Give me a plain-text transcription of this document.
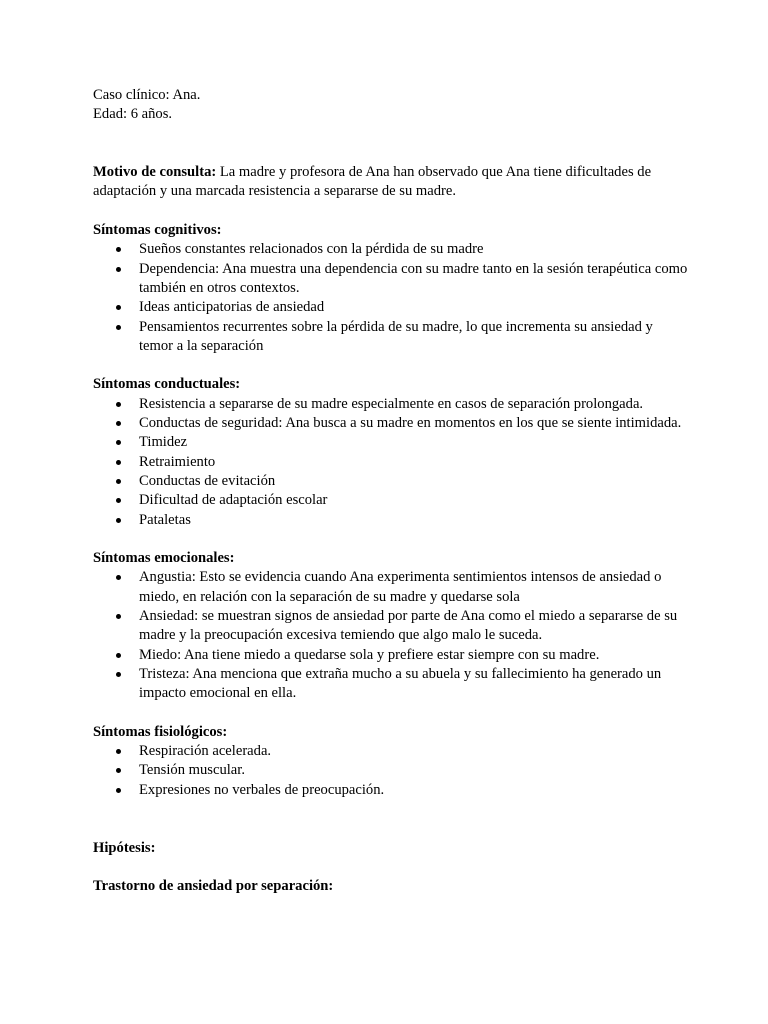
Caso clínico: Ana.

Edad: 6 años.

Motivo de consulta: La madre y profesora de Ana han observado que Ana tiene dificultades de adaptación y una marcada resistencia a separarse de su madre.

Síntomas cognitivos:

Sueños constantes relacionados con la pérdida de su madre
Dependencia: Ana muestra una dependencia con su madre tanto en la sesión terapéutica como también en otros contextos.
Ideas anticipatorias de ansiedad
Pensamientos recurrentes sobre la pérdida de su madre, lo que incrementa su ansiedad y temor a la separación

Síntomas conductuales:

Resistencia a separarse de su madre especialmente en casos de separación prolongada.
Conductas de seguridad: Ana busca a su madre en momentos en los que se siente intimidada.
Timidez
Retraimiento
Conductas de evitación
Dificultad de adaptación escolar
Pataletas

Síntomas emocionales:

Angustia: Esto se evidencia cuando Ana experimenta sentimientos intensos de ansiedad o miedo, en relación con la separación de su madre y quedarse sola
Ansiedad: se muestran signos de ansiedad por parte de Ana como el miedo a separarse de su madre y la preocupación excesiva temiendo que algo malo le suceda.
Miedo: Ana tiene miedo a quedarse sola y prefiere estar siempre con su madre.
Tristeza: Ana menciona que extraña mucho a su abuela y su fallecimiento ha generado un impacto emocional en ella.

Síntomas fisiológicos:

Respiración acelerada.
Tensión muscular.
Expresiones no verbales de preocupación.

Hipótesis:

Trastorno de ansiedad por separación:
